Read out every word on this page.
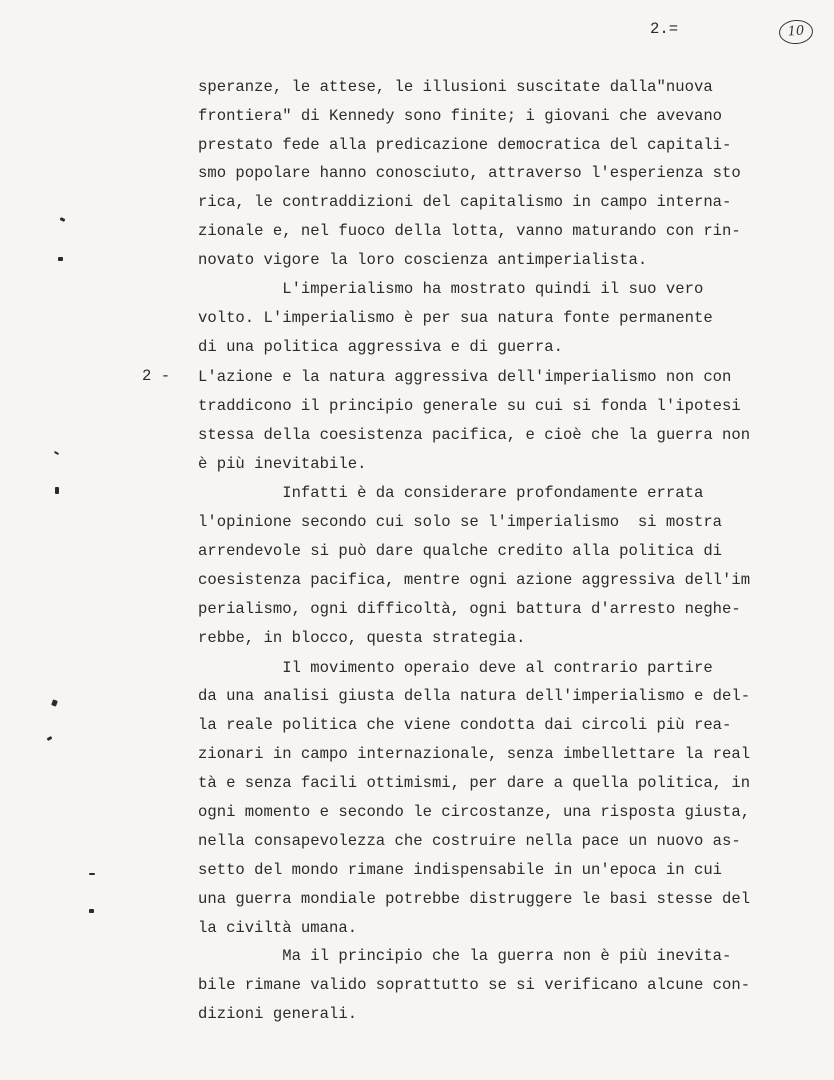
2.=	10
2 -
speranze, le attese, le illusioni suscitate dalla"nuova
frontiera" di Kennedy sono finite; i giovani che avevano
prestato fede alla predicazione democratica del capitali-
smo popolare hanno conosciuto, attraverso l'esperienza sto
rica, le contraddizioni del capitalismo in campo interna-
zionale e, nel fuoco della lotta, vanno maturando con rin-
novato vigore la loro coscienza antimperialista.
L'imperialismo ha mostrato quindi il suo vero
volto. L'imperialismo è per sua natura fonte permanente
di una politica aggressiva e di guerra.
L'azione e la natura aggressiva dell'imperialismo non con
traddicono il principio generale su cui si fonda l'ipotesi
stessa della coesistenza pacifica, e cioè che la guerra non
è più inevitabile.
Infatti è da considerare profondamente errata
l'opinione secondo cui solo se l'imperialismo  si mostra
arrendevole si può dare qualche credito alla politica di
coesistenza pacifica, mentre ogni azione aggressiva dell'im
perialismo, ogni difficoltà, ogni battura d'arresto neghe-
rebbe, in blocco, questa strategia.
Il movimento operaio deve al contrario partire
da una analisi giusta della natura dell'imperialismo e del-
la reale politica che viene condotta dai circoli più rea-
zionari in campo internazionale, senza imbellettare la real
tà e senza facili ottimismi, per dare a quella politica, in
ogni momento e secondo le circostanze, una risposta giusta,
nella consapevolezza che costruire nella pace un nuovo as-
setto del mondo rimane indispensabile in un'epoca in cui
una guerra mondiale potrebbe distruggere le basi stesse del
la civiltà umana.
Ma il principio che la guerra non è più inevita-
bile rimane valido soprattutto se si verificano alcune con-
dizioni generali.
